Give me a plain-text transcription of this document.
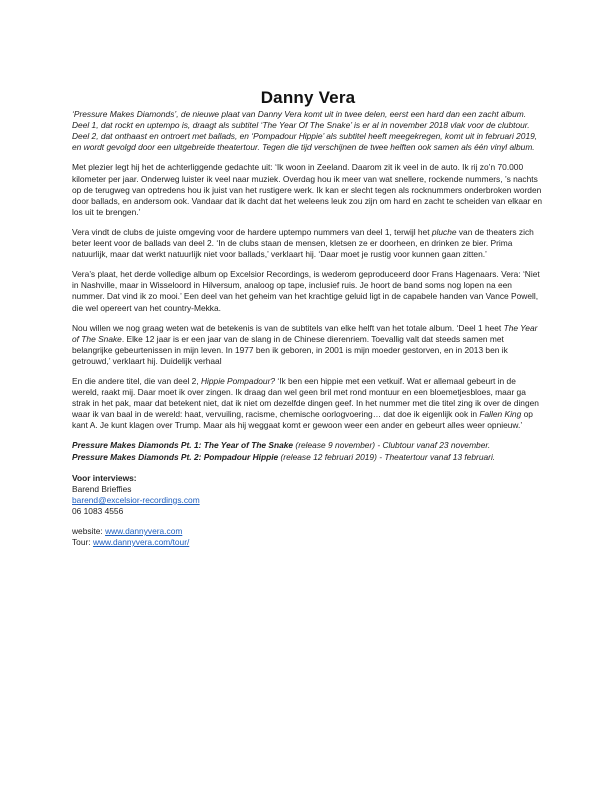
Danny Vera

‘Pressure Makes Diamonds’, de nieuwe plaat van Danny Vera komt uit in twee delen, eerst een hard dan een zacht album. Deel 1, dat rockt en uptempo is, draagt als subtitel ‘The Year Of The Snake’ is er al in november 2018 vlak voor de clubtour. Deel 2, dat onthaast en ontroert met ballads, en ‘Pompadour Hippie’ als subtitel heeft meegekregen, komt uit in februari 2019, en wordt gevolgd door een uitgebreide theatertour. Tegen die tijd verschijnen de twee helften ook samen als één vinyl album.

Met plezier legt hij het de achterliggende gedachte uit: ‘Ik woon in Zeeland. Daarom zit ik veel in de auto. Ik rij zo’n 70.000 kilometer per jaar. Onderweg luister ik veel naar muziek. Overdag hou ik meer van wat snellere, rockende nummers, ’s nachts op de terugweg van optredens hou ik juist van het rustigere werk. Ik kan er slecht tegen als rocknummers onderbroken worden door ballads, en andersom ook. Vandaar dat ik dacht dat het weleens leuk zou zijn om hard en zacht te scheiden van elkaar en los uit te brengen.’

Vera vindt de clubs de juiste omgeving voor de hardere uptempo nummers van deel 1, terwijl het pluche van de theaters zich beter leent voor de ballads van deel 2. ‘In de clubs staan de mensen, kletsen ze er doorheen, en drinken ze bier. Prima natuurlijk, maar dat werkt natuurlijk niet voor ballads,’ verklaart hij. ‘Daar moet je rustig voor kunnen gaan zitten.’

Vera’s plaat, het derde volledige album op Excelsior Recordings, is wederom geproduceerd door Frans Hagenaars. Vera: ‘Niet in Nashville, maar in Wisseloord in Hilversum, analoog op tape, inclusief ruis. Je hoort de band soms nog lopen na een nummer. Dat vind ik zo mooi.’ Een deel van het geheim van het krachtige geluid ligt in de capabele handen van Vance Powell, die wel opereert van het country-Mekka.

Nou willen we nog graag weten wat de betekenis is van de subtitels van elke helft van het totale album. ‘Deel 1 heet The Year of The Snake. Elke 12 jaar is er een jaar van de slang in de Chinese dierenriem. Toevallig valt dat steeds samen met belangrijke gebeurtenissen in mijn leven. In 1977 ben ik geboren, in 2001 is mijn moeder gestorven, en in 2013 ben ik getrouwd,’ verklaart hij. Duidelijk verhaal

En die andere titel, die van deel 2, Hippie Pompadour? ‘Ik ben een hippie met een vetkuif. Wat er allemaal gebeurt in de wereld, raakt mij. Daar moet ik over zingen. Ik draag dan wel geen bril met rond montuur en een bloemetjesbloes, maar ga strak in het pak, maar dat betekent niet, dat ik niet om dezelfde dingen geef. In het nummer met die titel zing ik over de dingen waar ik van baal in de wereld: haat, vervuiling, racisme, chemische oorlogvoering… dat doe ik eigenlijk ook in Fallen King op kant A. Je kunt klagen over Trump. Maar als hij weggaat komt er gewoon weer een ander en gebeurt alles weer opnieuw.’

Pressure Makes Diamonds Pt. 1: The Year of The Snake (release 9 november) - Clubtour vanaf 23 november.

Pressure Makes Diamonds Pt. 2: Pompadour Hippie (release 12 februari 2019) - Theatertour vanaf 13 februari.

Voor interviews:
Barend Brieffies
barend@excelsior-recordings.com
06 1083 4556
website: www.dannyvera.com
Tour: www.dannyvera.com/tour/
